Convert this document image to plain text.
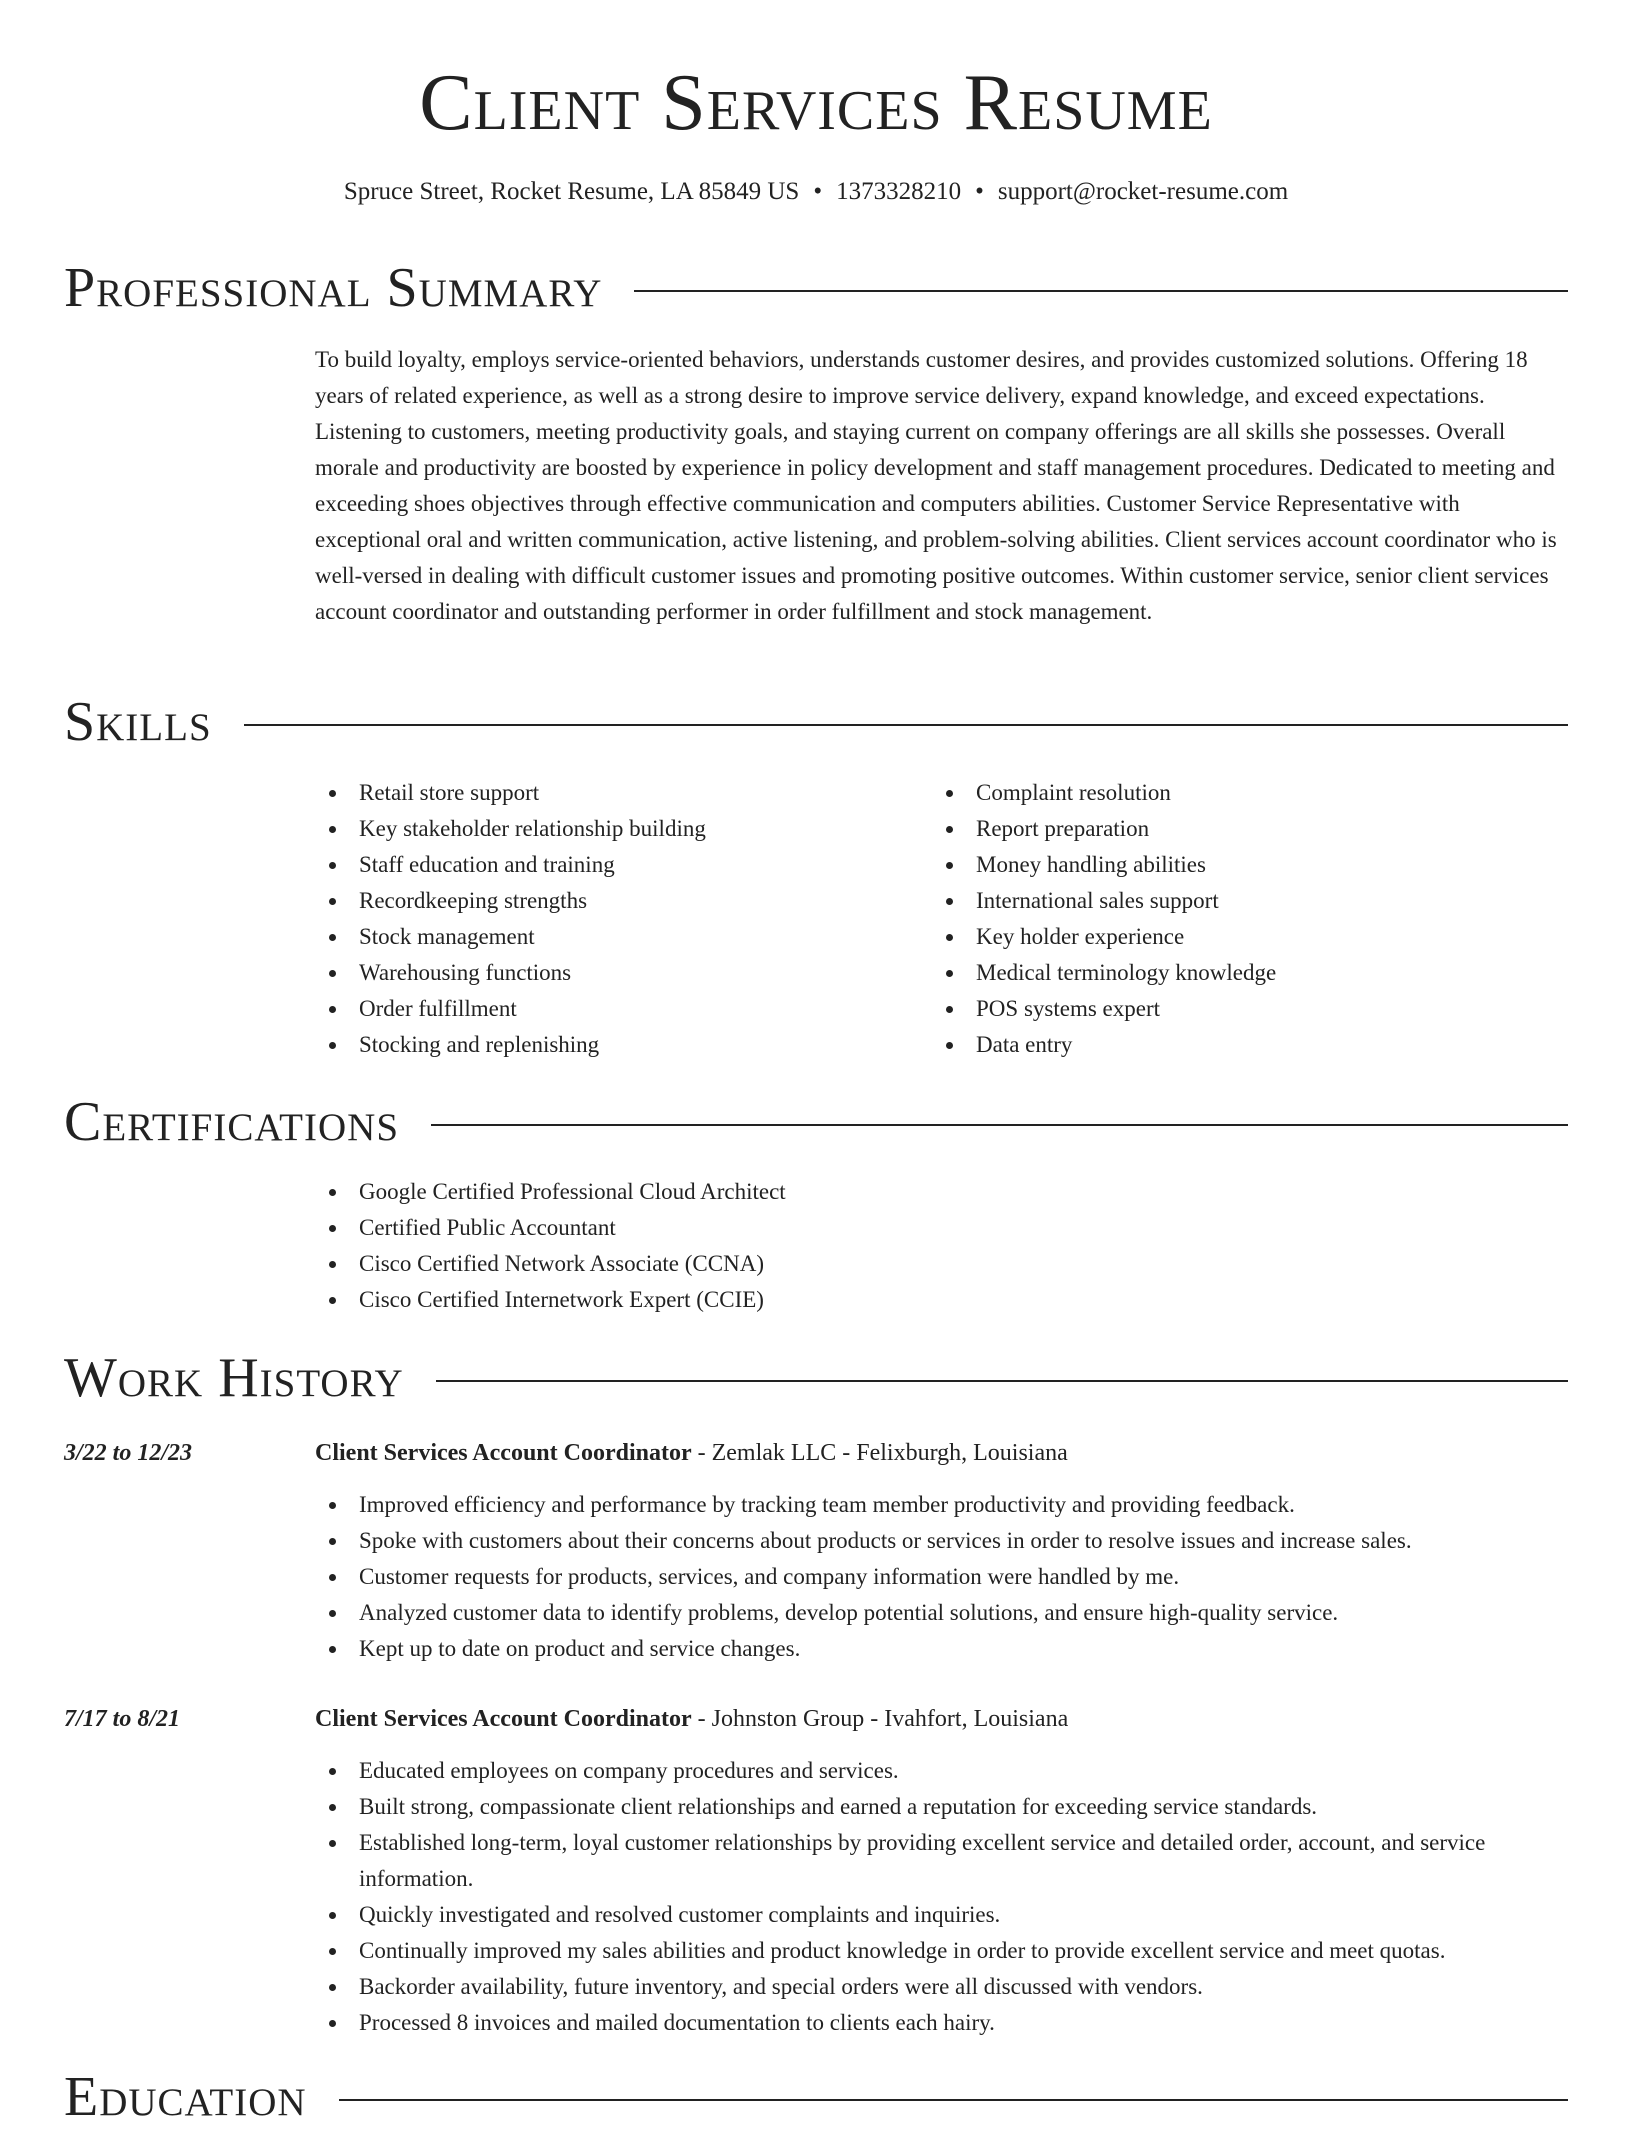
Client Services Resume
Spruce Street, Rocket Resume, LA 85849 US • 1373328210 • support@rocket-resume.com
Professional Summary

To build loyalty, employs service-oriented behaviors, understands customer desires, and provides customized solutions. Offering 18 years of related experience, as well as a strong desire to improve service delivery, expand knowledge, and exceed expectations. Listening to customers, meeting productivity goals, and staying current on company offerings are all skills she possesses. Overall morale and productivity are boosted by experience in policy development and staff management procedures. Dedicated to meeting and exceeding shoes objectives through effective communication and computers abilities. Customer Service Representative with exceptional oral and written communication, active listening, and problem-solving abilities. Client services account coordinator who is well-versed in dealing with difficult customer issues and promoting positive outcomes. Within customer service, senior client services account coordinator and outstanding performer in order fulfillment and stock management.

Skills
Retail store support
Key stakeholder relationship building
Staff education and training
Recordkeeping strengths
Stock management
Warehousing functions
Order fulfillment
Stocking and replenishing
Complaint resolution
Report preparation
Money handling abilities
International sales support
Key holder experience
Medical terminology knowledge
POS systems expert
Data entry
Certifications
Google Certified Professional Cloud Architect
Certified Public Accountant
Cisco Certified Network Associate (CCNA)
Cisco Certified Internetwork Expert (CCIE)
Work History
3/22 to 12/23	Client Services Account Coordinator - Zemlak LLC - Felixburgh, Louisiana
Improved efficiency and performance by tracking team member productivity and providing feedback.
Spoke with customers about their concerns about products or services in order to resolve issues and increase sales.
Customer requests for products, services, and company information were handled by me.
Analyzed customer data to identify problems, develop potential solutions, and ensure high-quality service.
Kept up to date on product and service changes.
7/17 to 8/21	Client Services Account Coordinator - Johnston Group - Ivahfort, Louisiana
Educated employees on company procedures and services.
Built strong, compassionate client relationships and earned a reputation for exceeding service standards.
Established long-term, loyal customer relationships by providing excellent service and detailed order, account, and service information.
Quickly investigated and resolved customer complaints and inquiries.
Continually improved my sales abilities and product knowledge in order to provide excellent service and meet quotas.
Backorder availability, future inventory, and special orders were all discussed with vendors.
Processed 8 invoices and mailed documentation to clients each hairy.
Education
